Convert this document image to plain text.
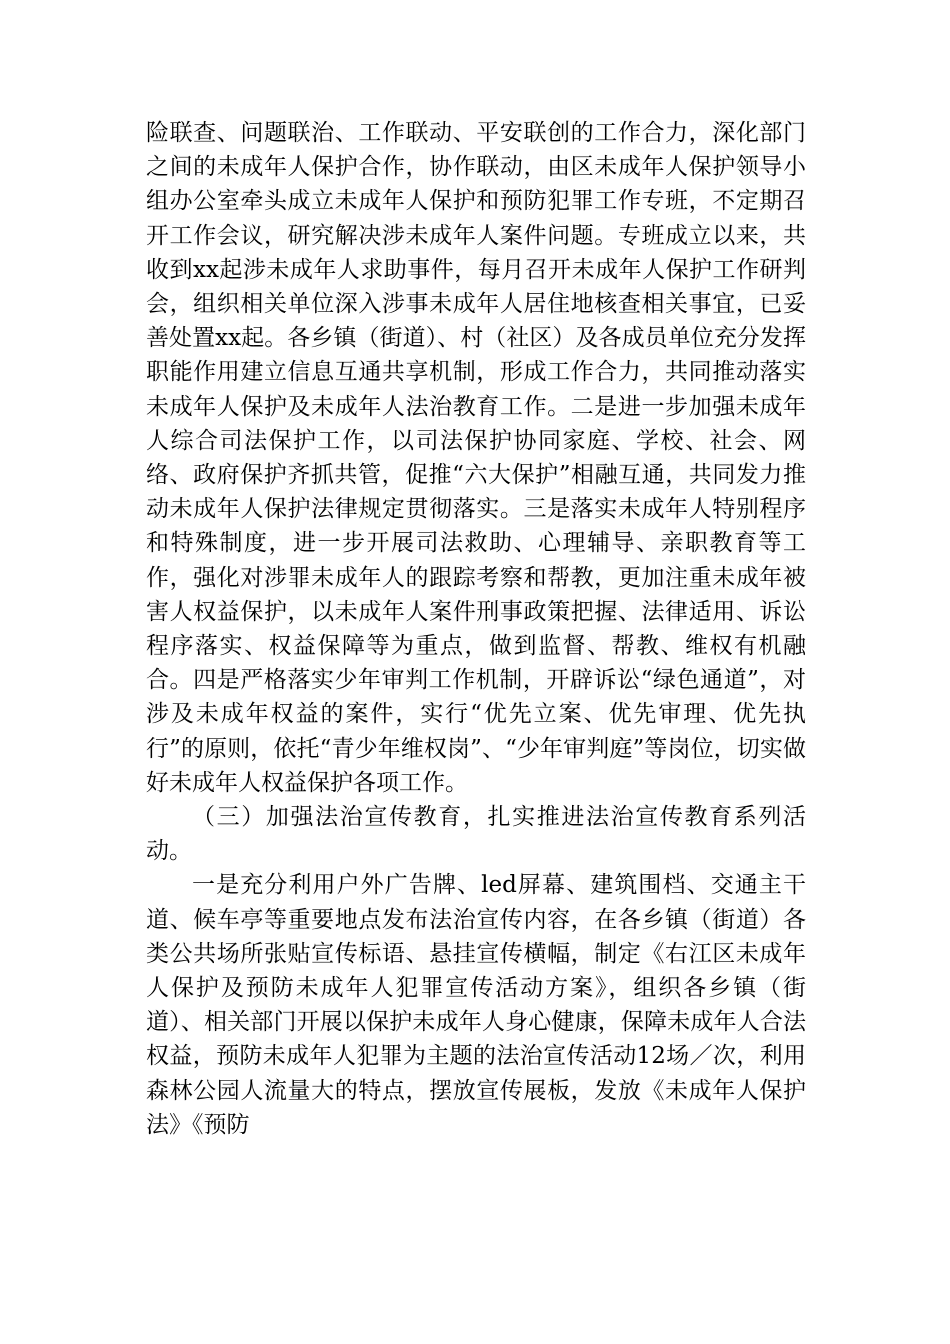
险联查、问题联治、工作联动、平安联创的工作合力，深化部门之间的未成年人保护合作，协作联动，由区未成年人保护领导小组办公室牵头成立未成年人保护和预防犯罪工作专班，不定期召开工作会议，研究解决涉未成年人案件问题。专班成立以来，共收到xx起涉未成年人求助事件，每月召开未成年人保护工作研判会，组织相关单位深入涉事未成年人居住地核查相关事宜，已妥善处置xx起。各乡镇（街道）、村（社区）及各成员单位充分发挥职能作用建立信息互通共享机制，形成工作合力，共同推动落实未成年人保护及未成年人法治教育工作。二是进一步加强未成年人综合司法保护工作，以司法保护协同家庭、学校、社会、网络、政府保护齐抓共管，促推“六大保护”相融互通，共同发力推动未成年人保护法律规定贯彻落实。三是落实未成年人特别程序和特殊制度，进一步开展司法救助、心理辅导、亲职教育等工作，强化对涉罪未成年人的跟踪考察和帮教，更加注重未成年被害人权益保护，以未成年人案件刑事政策把握、法律适用、诉讼程序落实、权益保障等为重点，做到监督、帮教、维权有机融合。四是严格落实少年审判工作机制，开辟诉讼“绿色通道”，对涉及未成年权益的案件，实行“优先立案、优先审理、优先执行”的原则，依托“青少年维权岗”、“少年审判庭”等岗位，切实做好未成年人权益保护各项工作。

（三）加强法治宣传教育，扎实推进法治宣传教育系列活动。

一是充分利用户外广告牌、led屏幕、建筑围档、交通主干道、候车亭等重要地点发布法治宣传内容，在各乡镇（街道）各类公共场所张贴宣传标语、悬挂宣传横幅，制定《右江区未成年人保护及预防未成年人犯罪宣传活动方案》，组织各乡镇（街道）、相关部门开展以保护未成年人身心健康，保障未成年人合法权益，预防未成年人犯罪为主题的法治宣传活动12场／次，利用森林公园人流量大的特点，摆放宣传展板，发放《未成年人保护法》《预防
